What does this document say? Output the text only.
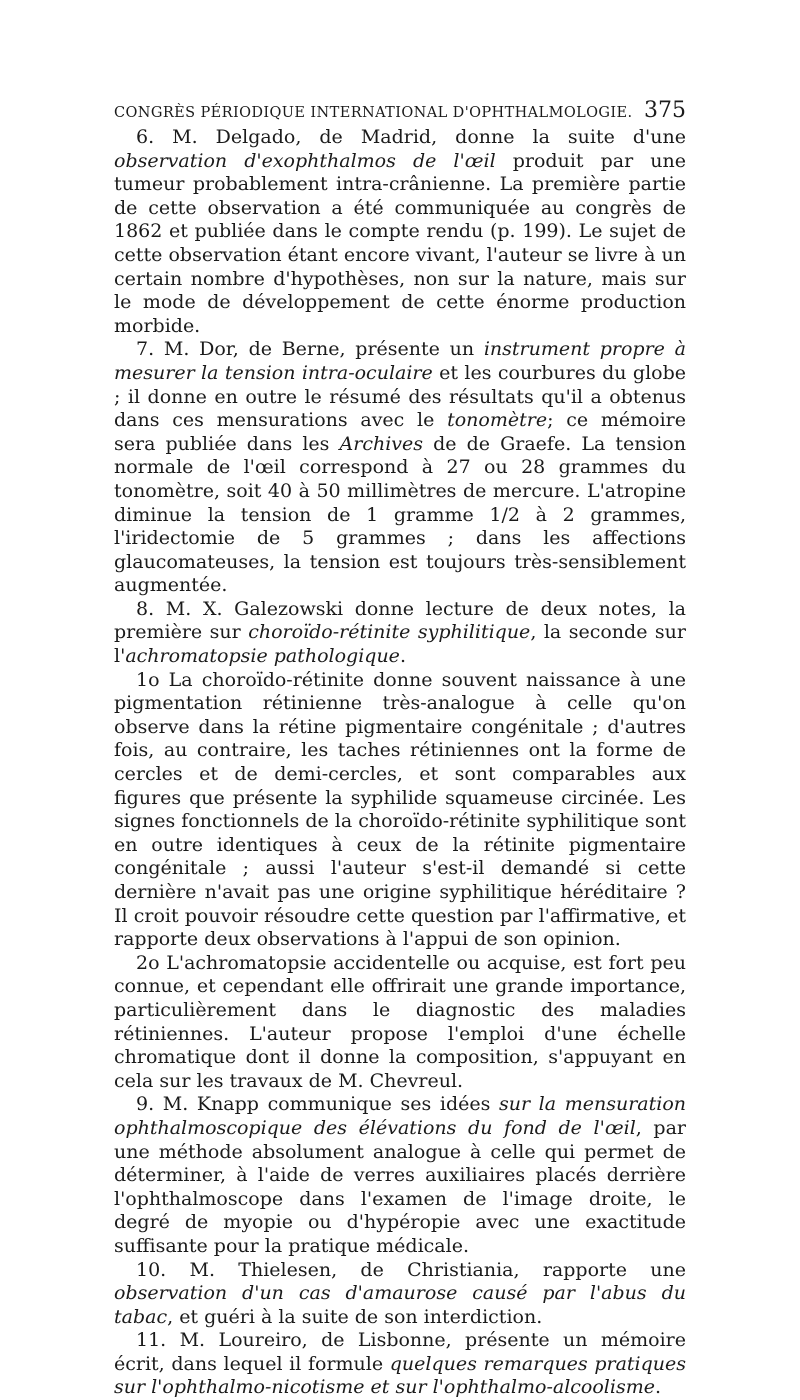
CONGRÈS PÉRIODIQUE INTERNATIONAL D'OPHTHALMOLOGIE. 375

6. M. Delgado, de Madrid, donne la suite d'une observation d'exophthalmos de l'œil produit par une tumeur probablement intra-crânienne. La première partie de cette observation a été communiquée au congrès de 1862 et publiée dans le compte rendu (p. 199). Le sujet de cette observation étant encore vivant, l'auteur se livre à un certain nombre d'hypothèses, non sur la nature, mais sur le mode de développement de cette énorme production morbide.

7. M. Dor, de Berne, présente un instrument propre à mesurer la tension intra-oculaire et les courbures du globe ; il donne en outre le résumé des résultats qu'il a obtenus dans ces mensurations avec le tonomètre; ce mémoire sera publiée dans les Archives de de Graefe. La tension normale de l'œil correspond à 27 ou 28 grammes du tonomètre, soit 40 à 50 millimètres de mercure. L'atropine diminue la tension de 1 gramme 1/2 à 2 grammes, l'iridectomie de 5 grammes ; dans les affections glaucomateuses, la tension est toujours très-sensiblement augmentée.

8. M. X. Galezowski donne lecture de deux notes, la première sur choroïdo-rétinite syphilitique, la seconde sur l'achromatopsie pathologique.

1o La choroïdo-rétinite donne souvent naissance à une pigmentation rétinienne très-analogue à celle qu'on observe dans la rétine pigmentaire congénitale ; d'autres fois, au contraire, les taches rétiniennes ont la forme de cercles et de demi-cercles, et sont comparables aux figures que présente la syphilide squameuse circinée. Les signes fonctionnels de la choroïdo-rétinite syphilitique sont en outre identiques à ceux de la rétinite pigmentaire congénitale ; aussi l'auteur s'est-il demandé si cette dernière n'avait pas une origine syphilitique héréditaire ? Il croit pouvoir résoudre cette question par l'affirmative, et rapporte deux observations à l'appui de son opinion.

2o L'achromatopsie accidentelle ou acquise, est fort peu connue, et cependant elle offrirait une grande importance, particulièrement dans le diagnostic des maladies rétiniennes. L'auteur propose l'emploi d'une échelle chromatique dont il donne la composition, s'appuyant en cela sur les travaux de M. Chevreul.

9. M. Knapp communique ses idées sur la mensuration ophthalmoscopique des élévations du fond de l'œil, par une méthode absolument analogue à celle qui permet de déterminer, à l'aide de verres auxiliaires placés derrière l'ophthalmoscope dans l'examen de l'image droite, le degré de myopie ou d'hypéropie avec une exactitude suffisante pour la pratique médicale.

10. M. Thielesen, de Christiania, rapporte une observation d'un cas d'amaurose causé par l'abus du tabac, et guéri à la suite de son interdiction.

11. M. Loureiro, de Lisbonne, présente un mémoire écrit, dans lequel il formule quelques remarques pratiques sur l'ophthalmo-nicotisme et sur l'ophthalmo-alcoolisme.
